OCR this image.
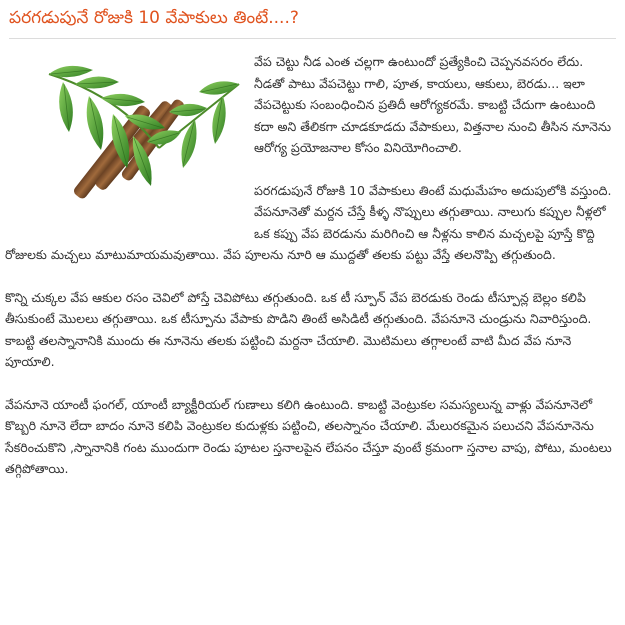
పరగడుపునే రోజుకి 10 వేపాకులు తింటే....?

వేప చెట్టు నీడ ఎంత చల్లగా ఉంటుందో ప్రత్యేకించి చెప్పనవసరం లేదు. నీడతో పాటు వేపచెట్టు గాలి, పూత, కాయలు, ఆకులు, బెరడు... ఇలా వేపచెట్టుకు సంబంధించిన ప్రతిదీ ఆరోగ్యకరమే. కాబట్టి చేదుగా ఉంటుంది కదా అని తేలికగా చూడకూడదు వేపాకులు, విత్తనాల నుంచి తీసిన నూనెను ఆరోగ్య ప్రయోజనాల కోసం వినియోగించాలి.

పరగడుపునే రోజుకి 10 వేపాకులు తింటే మధుమేహం అదుపులోకి వస్తుంది. వేపనూనెతో మర్దన చేస్తే కీళ్ళ నొప్పులు తగ్గుతాయి. నాలుగు కప్పుల నీళ్లలో ఒక కప్పు వేప బెరడును మరిగించి ఆ నీళ్లను కాలిన మచ్చలపై పూస్తే కొద్ది రోజులకు మచ్చలు మాటుమాయమవుతాయి. వేప పూలను నూరి ఆ ముద్దతో తలకు పట్టు వేస్తే తలనొప్పి తగ్గుతుంది.

కొన్ని చుక్కల వేప ఆకుల రసం చెవిలో పోస్తే చెవిపోటు తగ్గుతుంది. ఒక టీ స్పూన్ వేప బెరడుకు రెండు టీస్పూన్ల బెల్లం కలిపి తీసుకుంటే మొలలు తగ్గుతాయి. ఒక టీస్పూను వేపాకు పొడిని తింటే అసిడిటీ తగ్గుతుంది. వేపనూనె చుండ్రును నివారిస్తుంది. కాబట్టి తలస్నానానికి ముందు ఈ నూనెను తలకు పట్టించి మర్దనా చేయాలి. మొటిమలు తగ్గాలంటే వాటి మీద వేప నూనె పూయాలి.

వేపనూనె యాంటీ ఫంగల్, యాంటీ బ్యాక్టీరియల్ గుణాలు కలిగి ఉంటుంది. కాబట్టి వెంట్రుకల సమస్యలున్న వాళ్లు వేపనూనెలో కొబ్బరి నూనె లేదా బాదం నూనె కలిపి వెంట్రుకల కుదుళ్లకు పట్టించి, తలస్నానం చేయాలి. మేలురకమైన పలుచని వేపనూనెను సేకరించుకొని ,స్నానానికి గంట ముందుగా రెండు పూటల స్తనాలపైన లేపనం చేస్తూ వుంటే క్రమంగా స్తనాల వాపు, పోటు, మంటలు తగ్గిపోతాయి.
